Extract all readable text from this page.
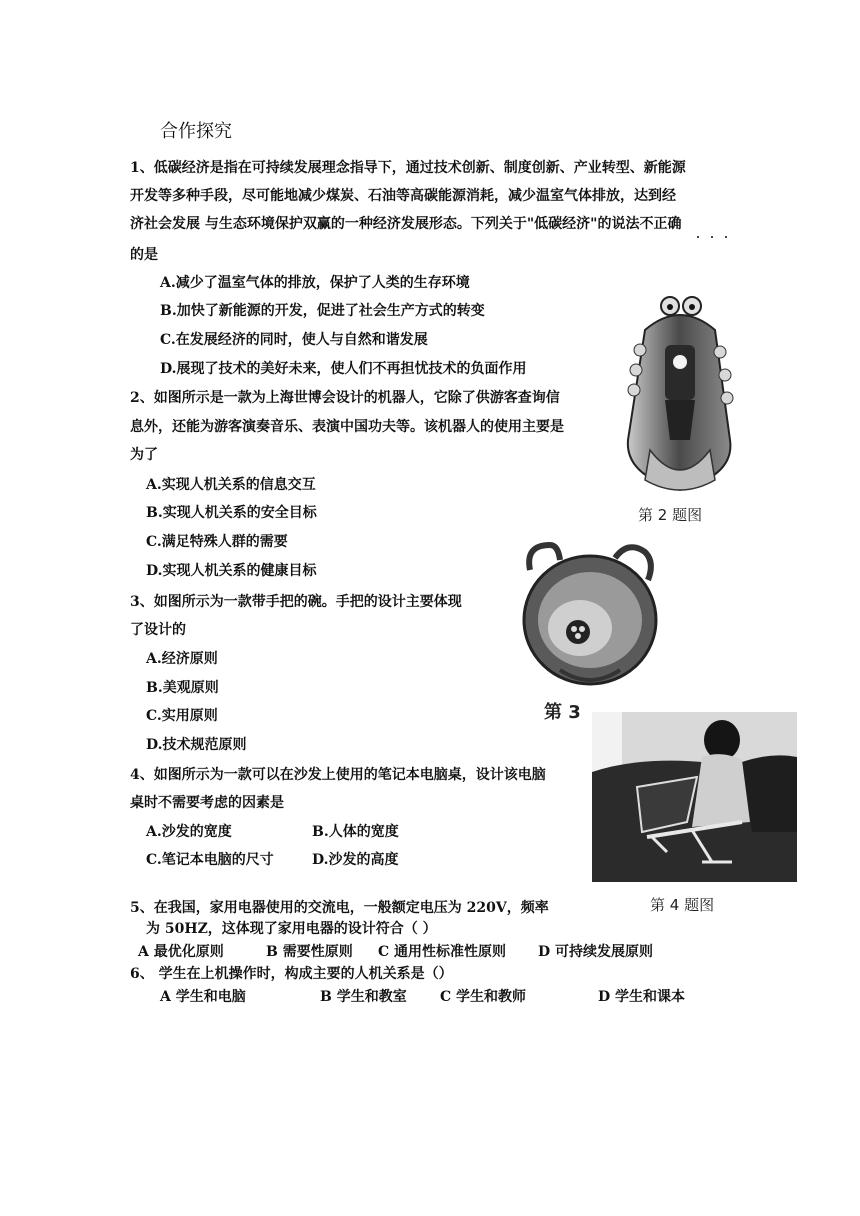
合作探究
1、低碳经济是指在可持续发展理念指导下，通过技术创新、制度创新、产业转型、新能源
开发等多种手段，尽可能地减少煤炭、石油等高碳能源消耗，减少温室气体排放，达到经
济社会发展 与生态环境保护双赢的一种经济发展形态。下列关于"低碳经济"的说法不正确
的是
A.减少了温室气体的排放，保护了人类的生存环境
B.加快了新能源的开发，促进了社会生产方式的转变
C.在发展经济的同时，使人与自然和谐发展
D.展现了技术的美好未来，使人们不再担忧技术的负面作用
2、如图所示是一款为上海世博会设计的机器人，它除了供游客查询信
息外，还能为游客演奏音乐、表演中国功夫等。该机器人的使用主要是
为了
A.实现人机关系的信息交互
B.实现人机关系的安全目标
C.满足特殊人群的需要
D.实现人机关系的健康目标
第 2 题图
3、如图所示为一款带手把的碗。手把的设计主要体现
了设计的
A.经济原则
B.美观原则
C.实用原则
D.技术规范原则
第 3
4、如图所示为一款可以在沙发上使用的笔记本电脑桌，设计该电脑
桌时不需要考虑的因素是
A.沙发的宽度	B.人体的宽度
C.笔记本电脑的尺寸	D.沙发的高度
第 4 题图
5、在我国，家用电器使用的交流电，一般额定电压为 220V，频率
为 50HZ，这体现了家用电器的设计符合（ ）
A 最优化原则	B 需要性原则 C 通用性标准性原则 D 可持续发展原则
6、 学生在上机操作时，构成主要的人机关系是（）
A 学生和电脑	B 学生和教室 C 学生和教师	D 学生和课本
